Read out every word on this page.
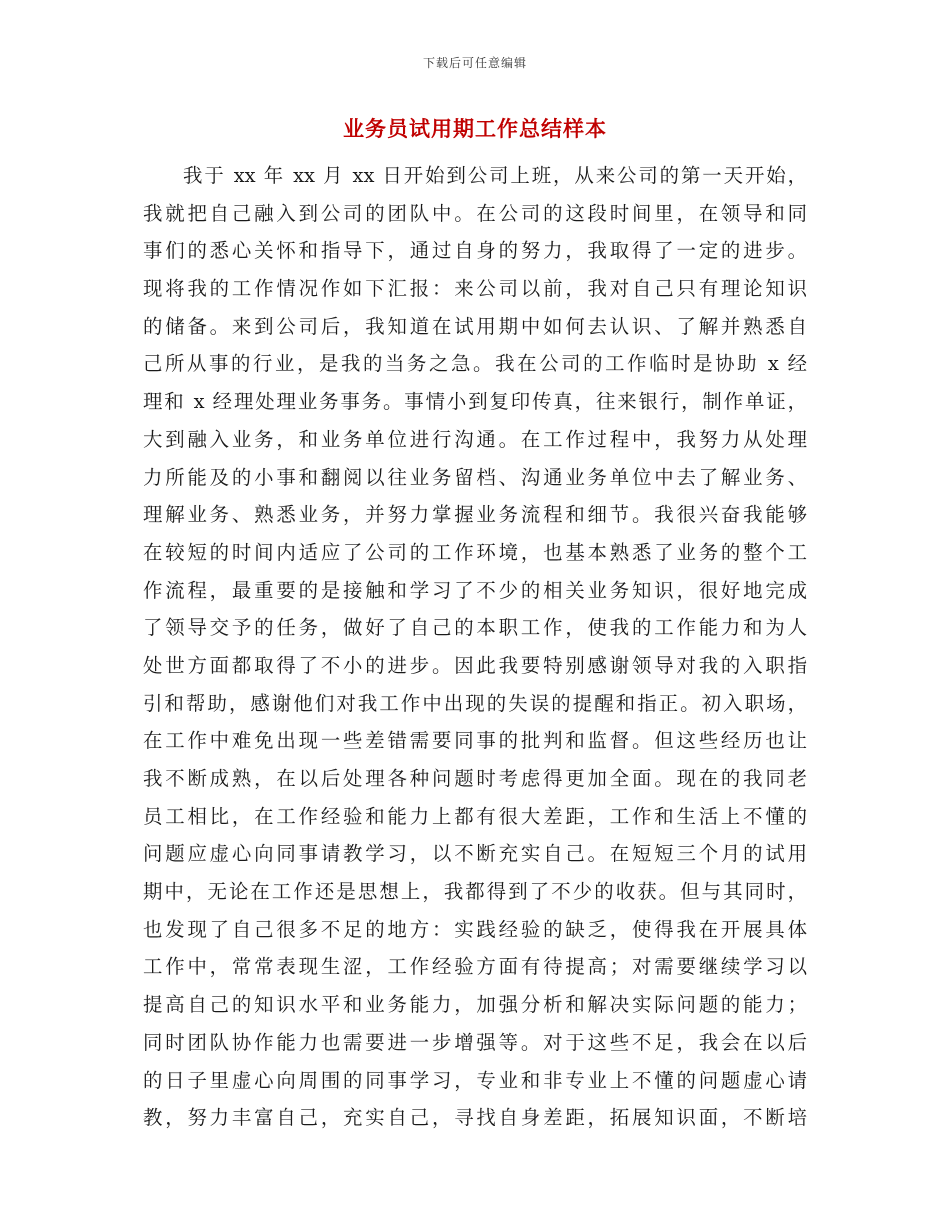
下载后可任意编辑
业务员试用期工作总结样本
我于 xx 年 xx 月 xx 日开始到公司上班，从来公司的第一天开始，
我就把自己融入到公司的团队中。在公司的这段时间里，在领导和同
事们的悉心关怀和指导下，通过自身的努力，我取得了一定的进步。
现将我的工作情况作如下汇报：来公司以前，我对自己只有理论知识
的储备。来到公司后，我知道在试用期中如何去认识、了解并熟悉自
己所从事的行业，是我的当务之急。我在公司的工作临时是协助 x 经
理和 x 经理处理业务事务。事情小到复印传真，往来银行，制作单证，
大到融入业务，和业务单位进行沟通。在工作过程中，我努力从处理
力所能及的小事和翻阅以往业务留档、沟通业务单位中去了解业务、
理解业务、熟悉业务，并努力掌握业务流程和细节。我很兴奋我能够
在较短的时间内适应了公司的工作环境，也基本熟悉了业务的整个工
作流程，最重要的是接触和学习了不少的相关业务知识，很好地完成
了领导交予的任务，做好了自己的本职工作，使我的工作能力和为人
处世方面都取得了不小的进步。因此我要特别感谢领导对我的入职指
引和帮助，感谢他们对我工作中出现的失误的提醒和指正。初入职场，
在工作中难免出现一些差错需要同事的批判和监督。但这些经历也让
我不断成熟，在以后处理各种问题时考虑得更加全面。现在的我同老
员工相比，在工作经验和能力上都有很大差距，工作和生活上不懂的
问题应虚心向同事请教学习，以不断充实自己。在短短三个月的试用
期中，无论在工作还是思想上，我都得到了不少的收获。但与其同时，
也发现了自己很多不足的地方：实践经验的缺乏，使得我在开展具体
工作中，常常表现生涩，工作经验方面有待提高；对需要继续学习以
提高自己的知识水平和业务能力，加强分析和解决实际问题的能力；
同时团队协作能力也需要进一步增强等。对于这些不足，我会在以后
的日子里虚心向周围的同事学习，专业和非专业上不懂的问题虚心请
教，努力丰富自己，充实自己，寻找自身差距，拓展知识面，不断培
